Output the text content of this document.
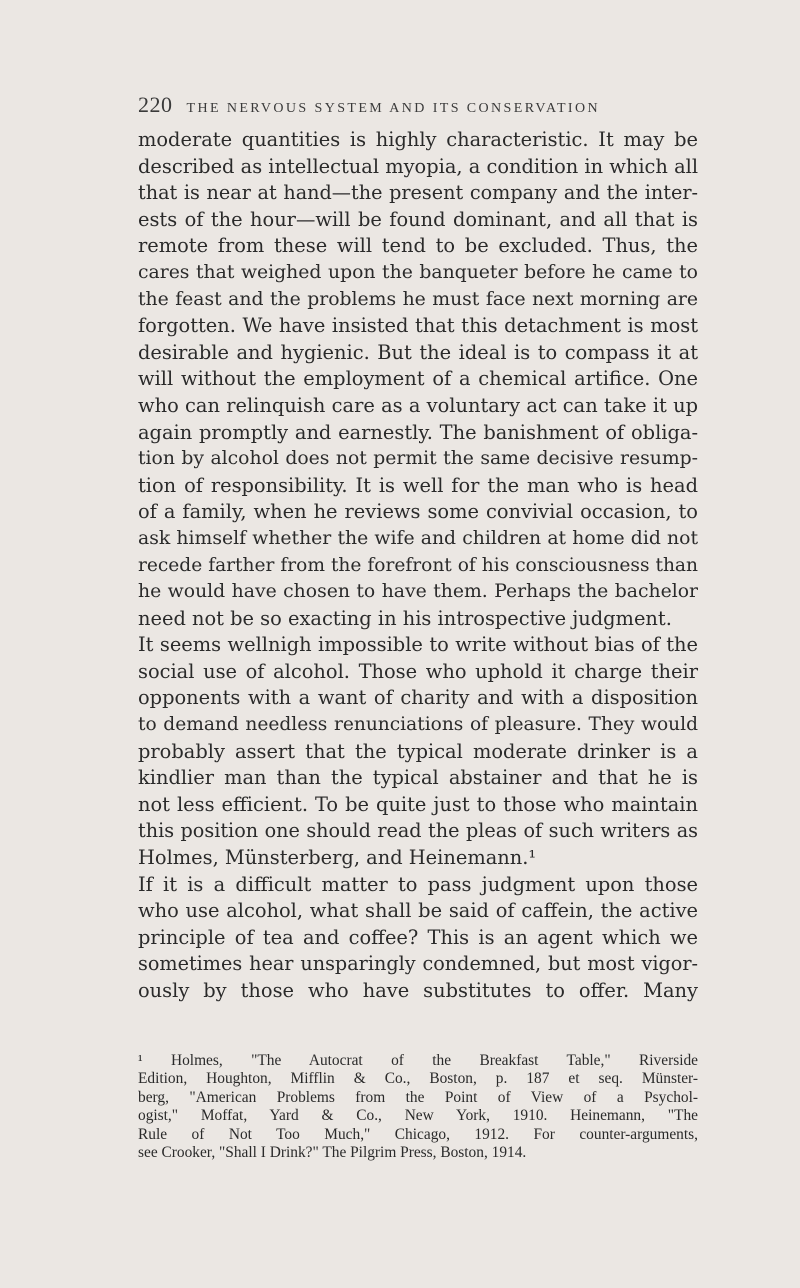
220 THE NERVOUS SYSTEM AND ITS CONSERVATION
moderate quantities is highly characteristic. It may be
described as intellectual myopia, a condition in which all
that is near at hand—the present company and the inter-
ests of the hour—will be found dominant, and all that is
remote from these will tend to be excluded. Thus, the
cares that weighed upon the banqueter before he came to
the feast and the problems he must face next morning are
forgotten. We have insisted that this detachment is most
desirable and hygienic. But the ideal is to compass it at
will without the employment of a chemical artifice. One
who can relinquish care as a voluntary act can take it up
again promptly and earnestly. The banishment of obliga-
tion by alcohol does not permit the same decisive resump-
tion of responsibility. It is well for the man who is head
of a family, when he reviews some convivial occasion, to
ask himself whether the wife and children at home did not
recede farther from the forefront of his consciousness than
he would have chosen to have them. Perhaps the bachelor
need not be so exacting in his introspective judgment.
It seems wellnigh impossible to write without bias of the
social use of alcohol. Those who uphold it charge their
opponents with a want of charity and with a disposition
to demand needless renunciations of pleasure. They would
probably assert that the typical moderate drinker is a
kindlier man than the typical abstainer and that he is
not less efficient. To be quite just to those who maintain
this position one should read the pleas of such writers as
Holmes, Münsterberg, and Heinemann.¹
If it is a difficult matter to pass judgment upon those
who use alcohol, what shall be said of caffein, the active
principle of tea and coffee? This is an agent which we
sometimes hear unsparingly condemned, but most vigor-
ously by those who have substitutes to offer. Many
¹ Holmes, "The Autocrat of the Breakfast Table," Riverside
Edition, Houghton, Mifflin & Co., Boston, p. 187 et seq. Münster-
berg, "American Problems from the Point of View of a Psychol-
ogist," Moffat, Yard & Co., New York, 1910. Heinemann, "The
Rule of Not Too Much," Chicago, 1912. For counter-arguments,
see Crooker, "Shall I Drink?" The Pilgrim Press, Boston, 1914.
